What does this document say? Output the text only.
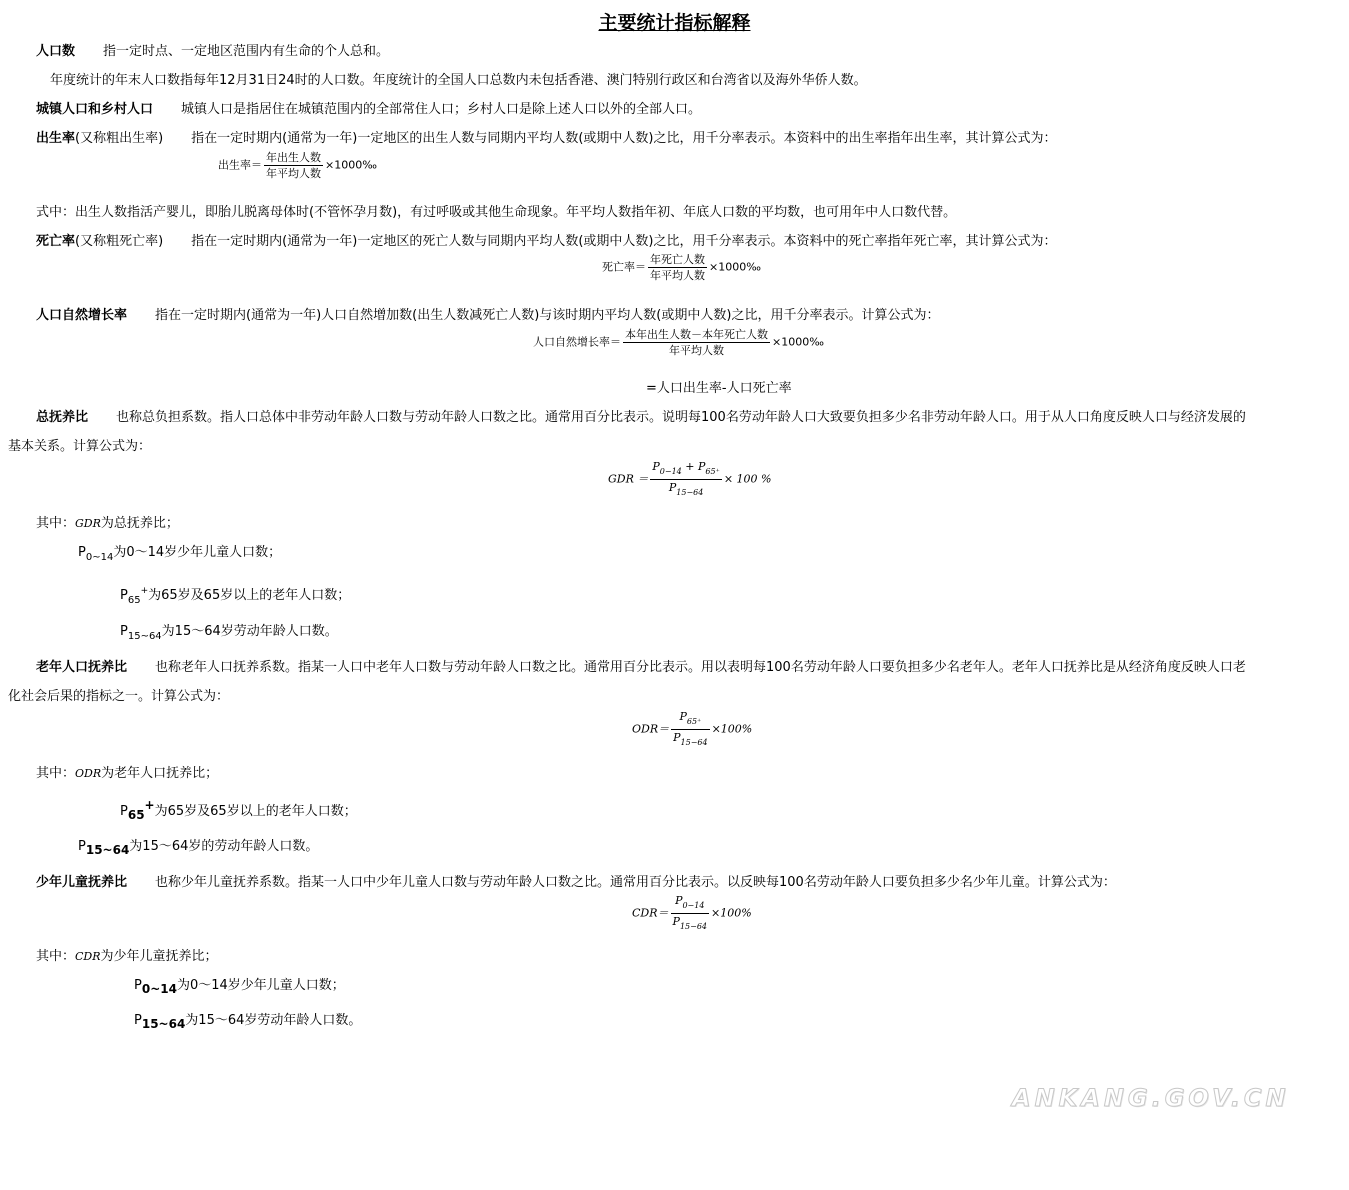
主要统计指标解释
人口数 指一定时点、一定地区范围内有生命的个人总和。
年度统计的年末人口数指每年12月31日24时的人口数。年度统计的全国人口总数内未包括香港、澳门特别行政区和台湾省以及海外华侨人数。
城镇人口和乡村人口 城镇人口是指居住在城镇范围内的全部常住人口；乡村人口是除上述人口以外的全部人口。
出生率(又称粗出生率) 指在一定时期内(通常为一年)一定地区的出生人数与同期内平均人数(或期中人数)之比，用千分率表示。本资料中的出生率指年出生率，其计算公式为：
出生率＝ $\frac{\text{年出生人数}}{\text{年平均人数}}$ ×1000‰
式中：出生人数指活产婴儿，即胎儿脱离母体时(不管怀孕月数)，有过呼吸或其他生命现象。年平均人数指年初、年底人口数的平均数，也可用年中人口数代替。
死亡率(又称粗死亡率) 指在一定时期内(通常为一年)一定地区的死亡人数与同期内平均人数(或期中人数)之比，用千分率表示。本资料中的死亡率指年死亡率，其计算公式为：
死亡率＝ $\frac{\text{年死亡人数}}{\text{年平均人数}}$ ×1000‰
人口自然增长率 指在一定时期内(通常为一年)人口自然增加数(出生人数减死亡人数)与该时期内平均人数(或期中人数)之比，用千分率表示。计算公式为：
人口自然增长率＝ $\frac{\text{本年出生人数－本年死亡人数}}{\text{年平均人数}}$ ×1000‰
=人口出生率-人口死亡率
总抚养比 也称总负担系数。指人口总体中非劳动年龄人口数与劳动年龄人口数之比。通常用百分比表示。说明每100名劳动年龄人口大致要负担多少名非劳动年龄人口。用于从人口角度反映人口与经济发展的
基本关系。计算公式为：
GDR ＝ $\frac{P_{0-14} + P_{65^+}}{P_{15-64}} \times 100$ %
其中：GDR为总抚养比；
$P_{0\sim 14}$为0～14岁少年儿童人口数；
$P_{65}^+$为65岁及65岁以上的老年人口数；
$P_{15\sim 64}$为15～64岁劳动年龄人口数。
老年人口抚养比 也称老年人口抚养系数。指某一人口中老年人口数与劳动年龄人口数之比。通常用百分比表示。用以表明每100名劳动年龄人口要负担多少名老年人。老年人口抚养比是从经济角度反映人口老
化社会后果的指标之一。计算公式为：
$ODR= \frac{P_{65^+}}{P_{15-64}} \times 100\%$
其中：ODR为老年人口抚养比；
P65+为65岁及65岁以上的老年人口数；
P15~64为15～64岁的劳动年龄人口数。
少年儿童抚养比 也称少年儿童抚养系数。指某一人口中少年儿童人口数与劳动年龄人口数之比。通常用百分比表示。以反映每100名劳动年龄人口要负担多少名少年儿童。计算公式为：
$CDR= \frac{P_{0-14}}{P_{15-64}} \times 100\%$
其中：CDR为少年儿童抚养比；
P0~14为0～14岁少年儿童人口数；
P15~64为15～64岁劳动年龄人口数。
ANKANG.GOV.CN
